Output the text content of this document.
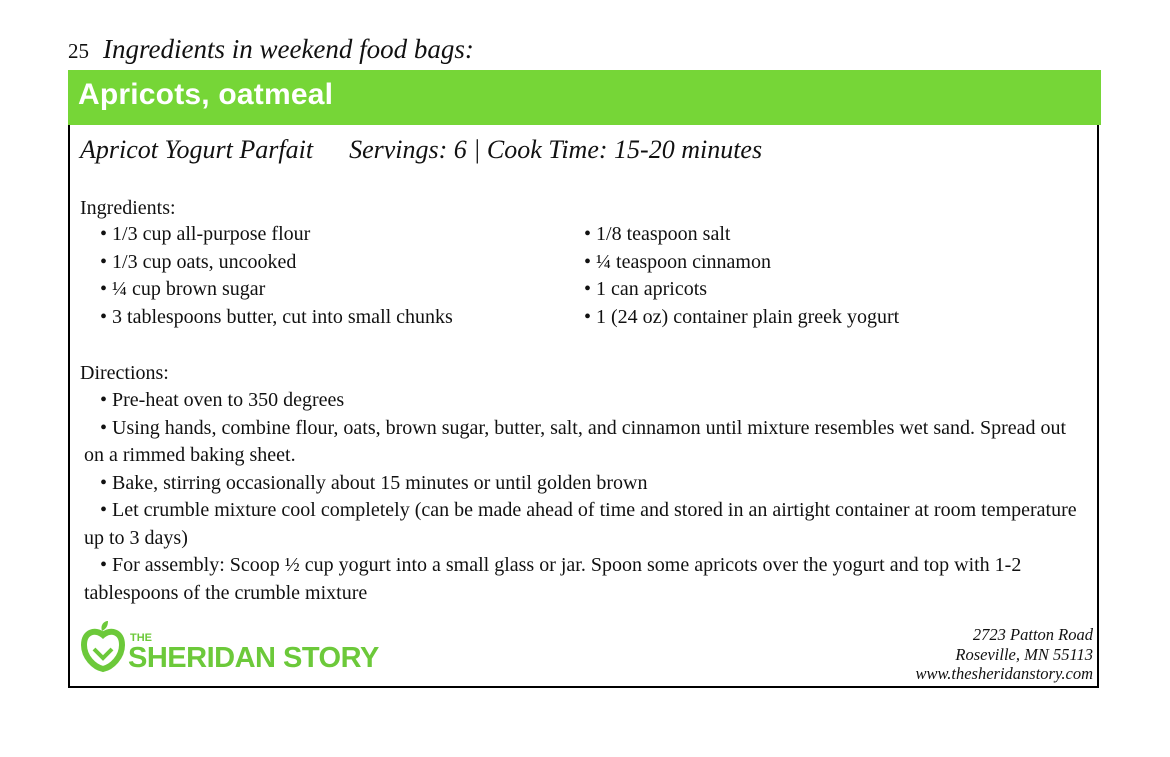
25 Ingredients in weekend food bags:
Apricots, oatmeal
Apricot Yogurt Parfait Servings: 6 | Cook Time: 15-20 minutes
Ingredients:
• 1/3 cup all-purpose flour
• 1/3 cup oats, uncooked
• ¼ cup brown sugar
• 3 tablespoons butter, cut into small chunks
• 1/8 teaspoon salt
• ¼ teaspoon cinnamon
• 1 can apricots
• 1 (24 oz) container plain greek yogurt
Directions:
• Pre-heat oven to 350 degrees
• Using hands, combine flour, oats, brown sugar, butter, salt, and cinnamon until mixture resembles wet sand. Spread out on a rimmed baking sheet.
• Bake, stirring occasionally about 15 minutes or until golden brown
• Let crumble mixture cool completely (can be made ahead of time and stored in an airtight container at room temperature up to 3 days)
• For assembly: Scoop ½ cup yogurt into a small glass or jar. Spoon some apricots over the yogurt and top with 1-2 tablespoons of the crumble mixture
THE
SHERIDAN STORY
2723 Patton Road
Roseville, MN 55113
www.thesheridanstory.com
